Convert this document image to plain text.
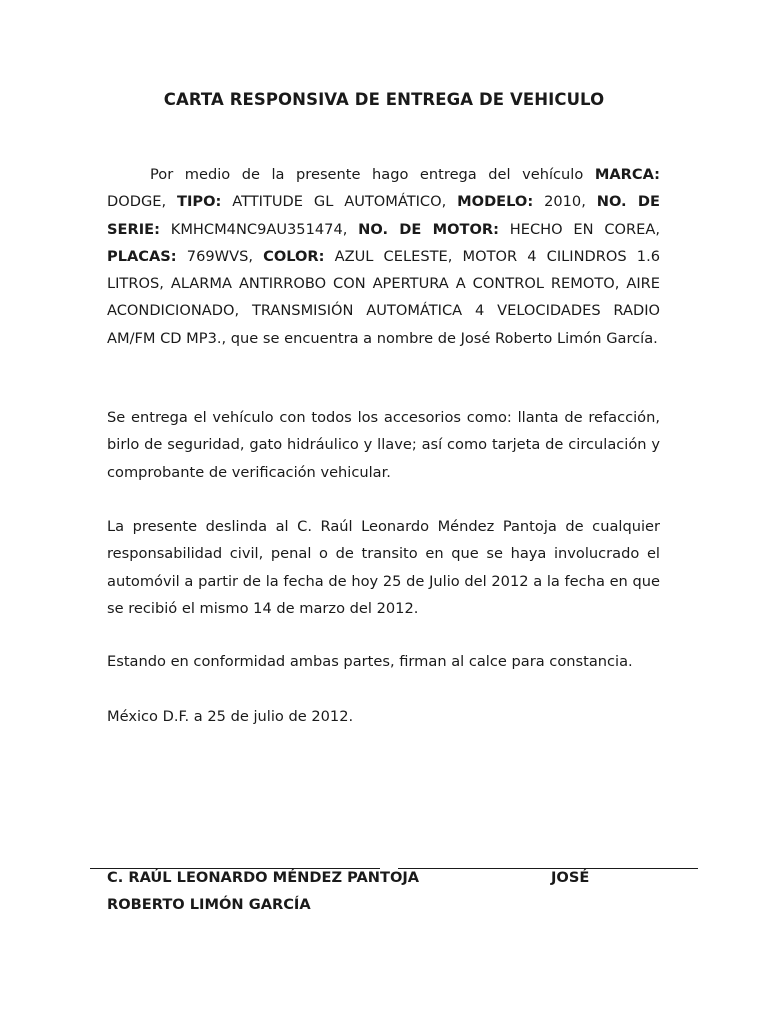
CARTA RESPONSIVA DE ENTREGA DE VEHICULO

Por medio de la presente hago entrega del vehículo MARCA: DODGE, TIPO: ATTITUDE GL AUTOMÁTICO, MODELO: 2010, NO. DE SERIE: KMHCM4NC9AU351474, NO. DE MOTOR: HECHO EN COREA, PLACAS: 769WVS, COLOR: AZUL CELESTE, MOTOR 4 CILINDROS 1.6 LITROS, ALARMA ANTIRROBO CON APERTURA A CONTROL REMOTO, AIRE ACONDICIONADO, TRANSMISIÓN AUTOMÁTICA 4 VELOCIDADES RADIO AM/FM CD MP3., que se encuentra a nombre de José Roberto Limón García.

Se entrega el vehículo con todos los accesorios como: llanta de refacción, birlo de seguridad, gato hidráulico y llave; así como tarjeta de circulación y comprobante de verificación vehicular.

La presente deslinda al C. Raúl Leonardo Méndez Pantoja de cualquier responsabilidad civil, penal o de transito en que se haya involucrado el automóvil a partir de la fecha de hoy 25 de Julio del 2012 a la fecha en que se recibió el mismo 14 de marzo del 2012.

Estando en conformidad ambas partes, firman al calce para constancia.

México D.F. a 25 de julio de 2012.

C. RAÚL LEONARDO MÉNDEZ PANTOJA	JOSÉ
ROBERTO LIMÓN GARCÍA
